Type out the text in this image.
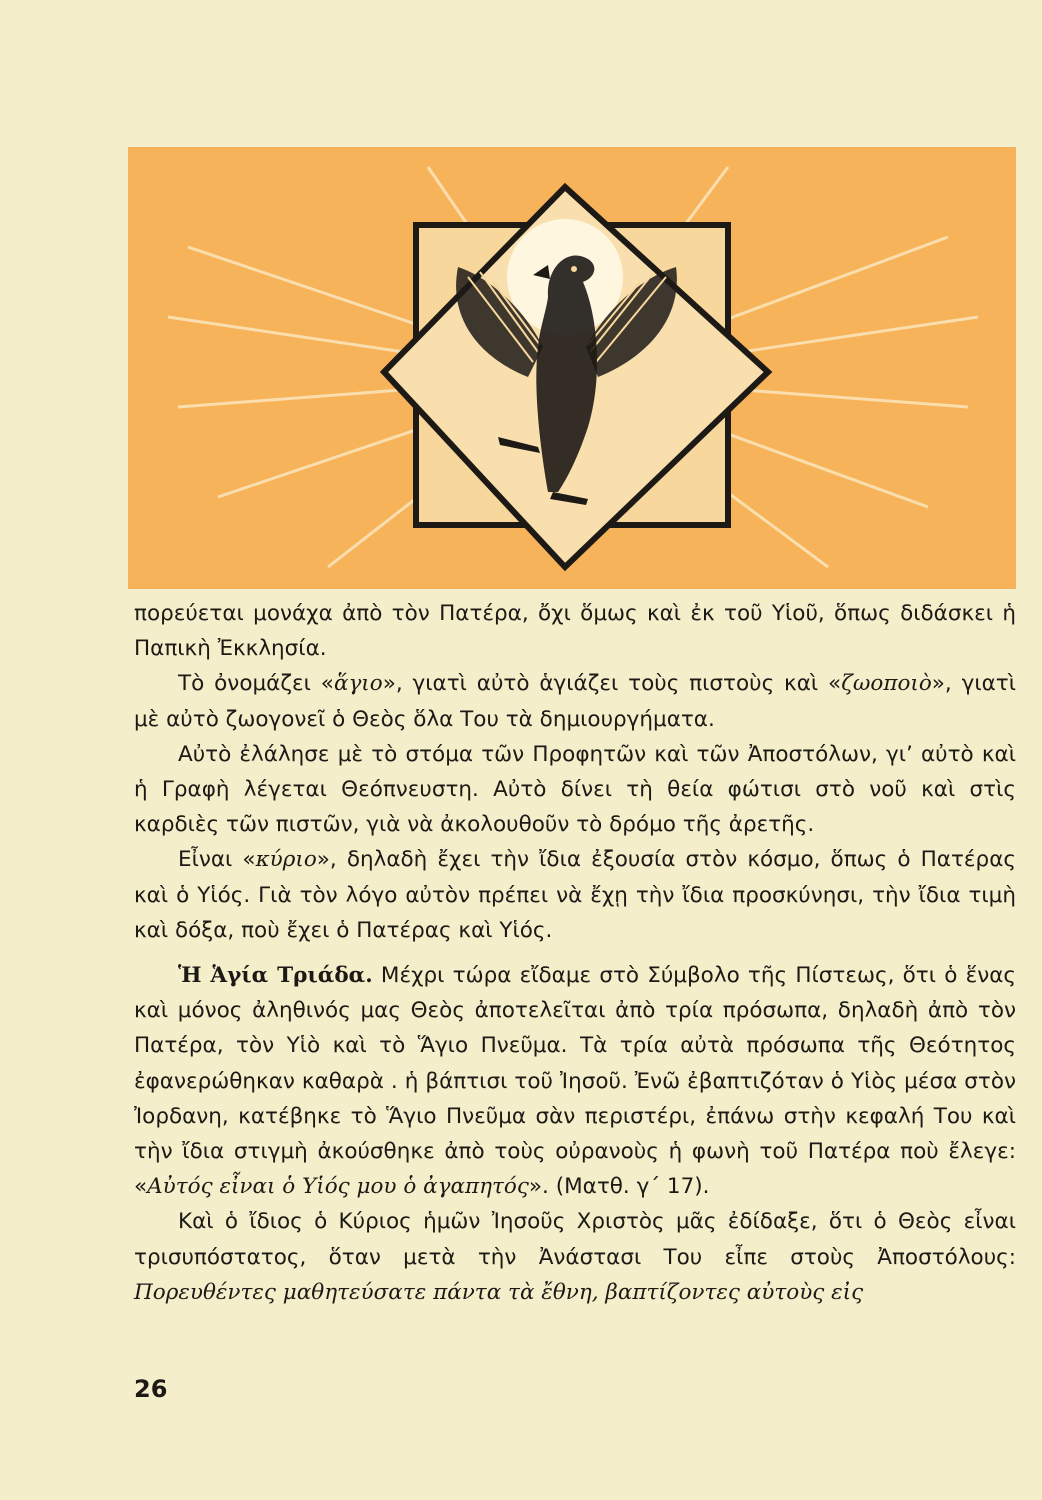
πορεύεται μονάχα ἀπὸ τὸν Πατέρα, ὄχι ὅμως καὶ ἐκ τοῦ Υἱοῦ, ὅπως διδάσκει ἡ Παπικὴ Ἐκκλησία.

Τὸ ὀνομάζει «ἅγιο», γιατὶ αὐτὸ ἁγιάζει τοὺς πιστοὺς καὶ «ζωοποιὸ», γιατὶ μὲ αὐτὸ ζωογονεῖ ὁ Θεὸς ὅλα Του τὰ δημιουργήματα.

Αὐτὸ ἐλάλησε μὲ τὸ στόμα τῶν Προφητῶν καὶ τῶν Ἀποστόλων, γι’ αὐτὸ καὶ ἡ Γραφὴ λέγεται Θεόπνευστη. Αὐτὸ δίνει τὴ θεία φώτισι στὸ νοῦ καὶ στὶς καρδιὲς τῶν πιστῶν, γιὰ νὰ ἀκολουθοῦν τὸ δρόμο τῆς ἀρετῆς.

Εἶναι «κύριο», δηλαδὴ ἔχει τὴν ἴδια ἐξουσία στὸν κόσμο, ὅπως ὁ Πατέρας καὶ ὁ Υἱός. Γιὰ τὸν λόγο αὐτὸν πρέπει νὰ ἔχῃ τὴν ἴδια προσκύνησι, τὴν ἴδια τιμὴ καὶ δόξα, ποὺ ἔχει ὁ Πατέρας καὶ Υἱός.

Ἡ Ἁγία Τριάδα. Μέχρι τώρα εἴδαμε στὸ Σύμβολο τῆς Πίστεως, ὅτι ὁ ἕνας καὶ μόνος ἀληθινός μας Θεὸς ἀποτελεῖται ἀπὸ τρία πρόσωπα, δηλαδὴ ἀπὸ τὸν Πατέρα, τὸν Υἱὸ καὶ τὸ Ἅγιο Πνεῦμα. Τὰ τρία αὐτὰ πρόσωπα τῆς Θεότητος ἐφανερώθηκαν καθαρὰ . ἡ βάπτισι τοῦ Ἰησοῦ. Ἐνῶ ἐβαπτιζόταν ὁ Υἱὸς μέσα στὸν Ἰορδανη, κατέβηκε τὸ Ἅγιο Πνεῦμα σὰν περιστέρι, ἐπάνω στὴν κεφαλή Του καὶ τὴν ἴδια στιγμὴ ἀκούσθηκε ἀπὸ τοὺς οὐρανοὺς ἡ φωνὴ τοῦ Πατέρα ποὺ ἔλεγε: «Αὐτός εἶναι ὁ Υἱός μου ὁ ἀγαπητός». (Ματθ. γ΄ 17).

Καὶ ὁ ἴδιος ὁ Κύριος ἡμῶν Ἰησοῦς Χριστὸς μᾶς ἐδίδαξε, ὅτι ὁ Θεὸς εἶναι τρισυπόστατος, ὅταν μετὰ τὴν Ἀνάστασι Του εἶπε στοὺς Ἀποστόλους: Πορευθέντες μαθητεύσατε πάντα τὰ ἔθνη, βαπτίζοντες αὐτοὺς εἰς

26
